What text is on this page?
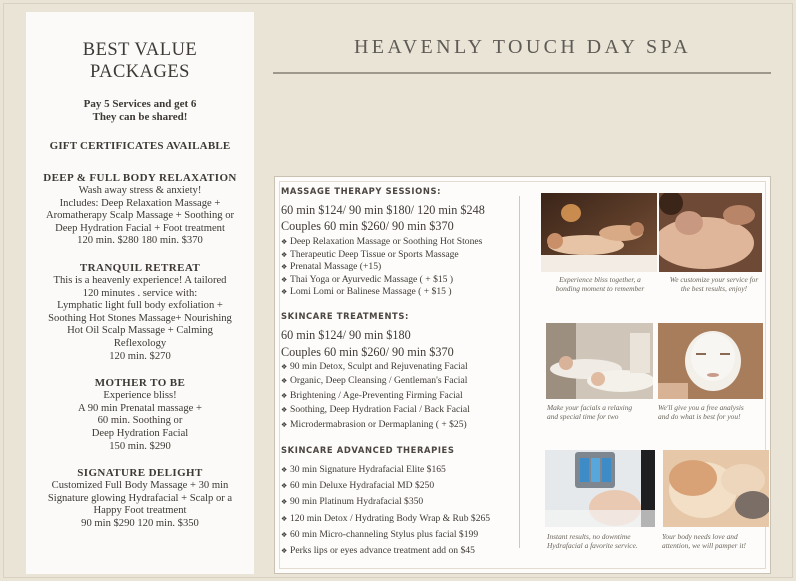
BEST VALUE
PACKAGES
Pay 5 Services and get 6
They can be shared!
GIFT CERTIFICATES AVAILABLE
DEEP & FULL BODY RELAXATION
Wash away stress & anxiety!
Includes: Deep Relaxation Massage +
Aromatherapy Scalp Massage + Soothing or
Deep Hydration Facial + Foot treatment
120 min. $280 180 min. $370
TRANQUIL RETREAT
This is a heavenly experience! A tailored
120 minutes . service with:
Lymphatic light full body exfoliation +
Soothing Hot Stones Massage+ Nourishing
Hot Oil Scalp Massage + Calming
Reflexology
120 min. $270
MOTHER TO BE
Experience bliss!
A 90 min Prenatal massage +
60 min. Soothing or
Deep Hydration Facial
150 min. $290
SIGNATURE DELIGHT
Customized Full Body Massage + 30 min
Signature glowing Hydrafacial + Scalp or a
Happy Foot treatment
90 min $290 120 min. $350
HEAVENLY TOUCH DAY SPA
MASSAGE THERAPY SESSIONS:
60 min $124/ 90 min $180/ 120 min $248
Couples 60 min $260/ 90 min $370
❖ Deep Relaxation Massage or Soothing Hot Stones
❖ Therapeutic Deep Tissue or Sports Massage
❖ Prenatal Massage (+15)
❖ Thai Yoga or Ayurvedic Massage ( + $15 )
❖ Lomi Lomi or Balinese Massage ( + $15 )
SKINCARE TREATMENTS:
60 min $124/ 90 min $180
Couples 60 min $260/ 90 min $370
❖ 90 min Detox, Sculpt and Rejuvenating Facial
❖ Organic, Deep Cleansing / Gentleman's Facial
❖ Brightening / Age-Preventing Firming Facial
❖ Soothing, Deep Hydration Facial / Back Facial
❖ Microdermabrasion or Dermaplaning ( + $25)
SKINCARE ADVANCED THERAPIES
❖ 30 min Signature Hydrafacial Elite $165
❖ 60 min Deluxe Hydrafacial MD $250
❖ 90 min Platinum Hydrafacial $350
❖ 120 min Detox / Hydrating Body Wrap & Rub $265
❖ 60 min Micro-channeling Stylus plus facial $199
❖ Perks lips or eyes advance treatment add on $45
Experience bliss together, a
bonding moment to remember
We customize your service for
the best results, enjoy!
Make your facials a relaxing
and special time for two
We'll give you a free analysis
and do what is best for you!
Instant results, no downtime
Hydrafacial a favorite service.
Your body needs love and
attention, we will pamper it!
